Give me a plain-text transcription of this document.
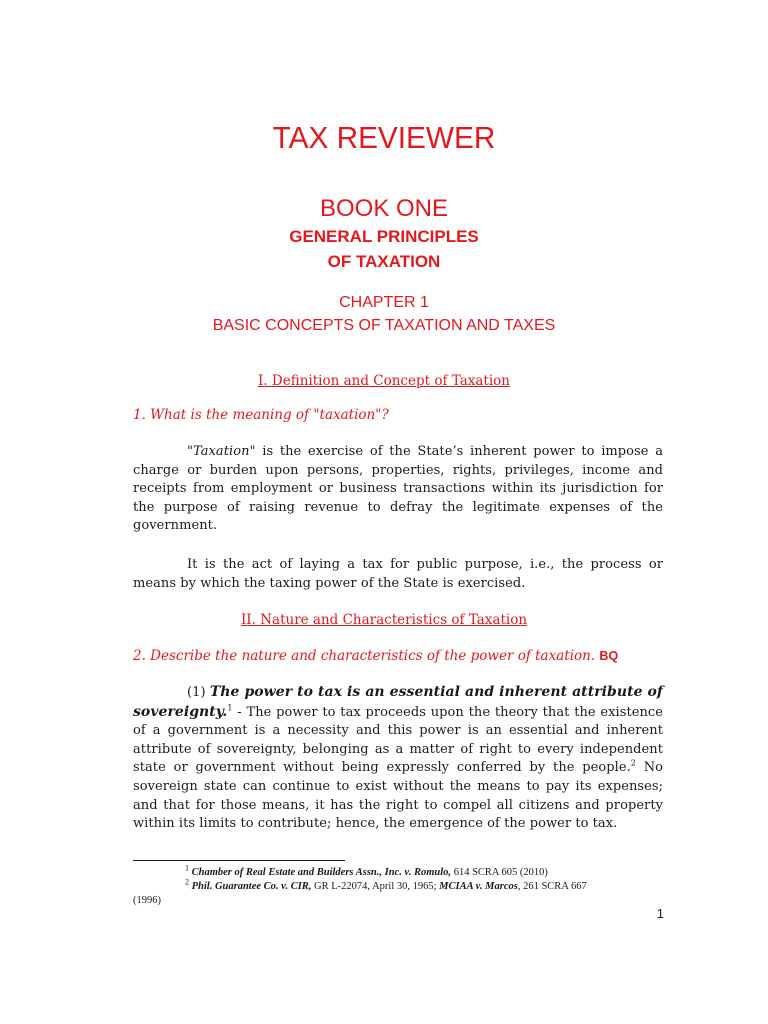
TAX REVIEWER
BOOK ONE
GENERAL PRINCIPLES
OF TAXATION
CHAPTER 1
BASIC CONCEPTS OF TAXATION AND TAXES
I. Definition and Concept of Taxation
1. What is the meaning of "taxation"?

"Taxation" is the exercise of the State’s inherent power to impose a charge or burden upon persons, properties, rights, privileges, income and receipts from employment or business transactions within its jurisdiction for the purpose of raising revenue to defray the legitimate expenses of the government.

It is the act of laying a tax for public purpose, i.e., the process or means by which the taxing power of the State is exercised.

II. Nature and Characteristics of Taxation
2. Describe the nature and characteristics of the power of taxation. BQ

(1) The power to tax is an essential and inherent attribute of sovereignty.$^1$ - The power to tax proceeds upon the theory that the existence of a government is a necessity and this power is an essential and inherent attribute of sovereignty, belonging as a matter of right to every independent state or government without being expressly conferred by the people.$^2$ No sovereign state can continue to exist without the means to pay its expenses; and that for those means, it has the right to compel all citizens and property within its limits to contribute; hence, the emergence of the power to tax.

$^1$ Chamber of Real Estate and Builders Assn., Inc. v. Romulo, 614 SCRA 605 (2010)

$^2$ Phil. Guarantee Co. v. CIR, GR L-22074, April 30, 1965; MCIAA v. Marcos, 261 SCRA 667

(1996)

1
